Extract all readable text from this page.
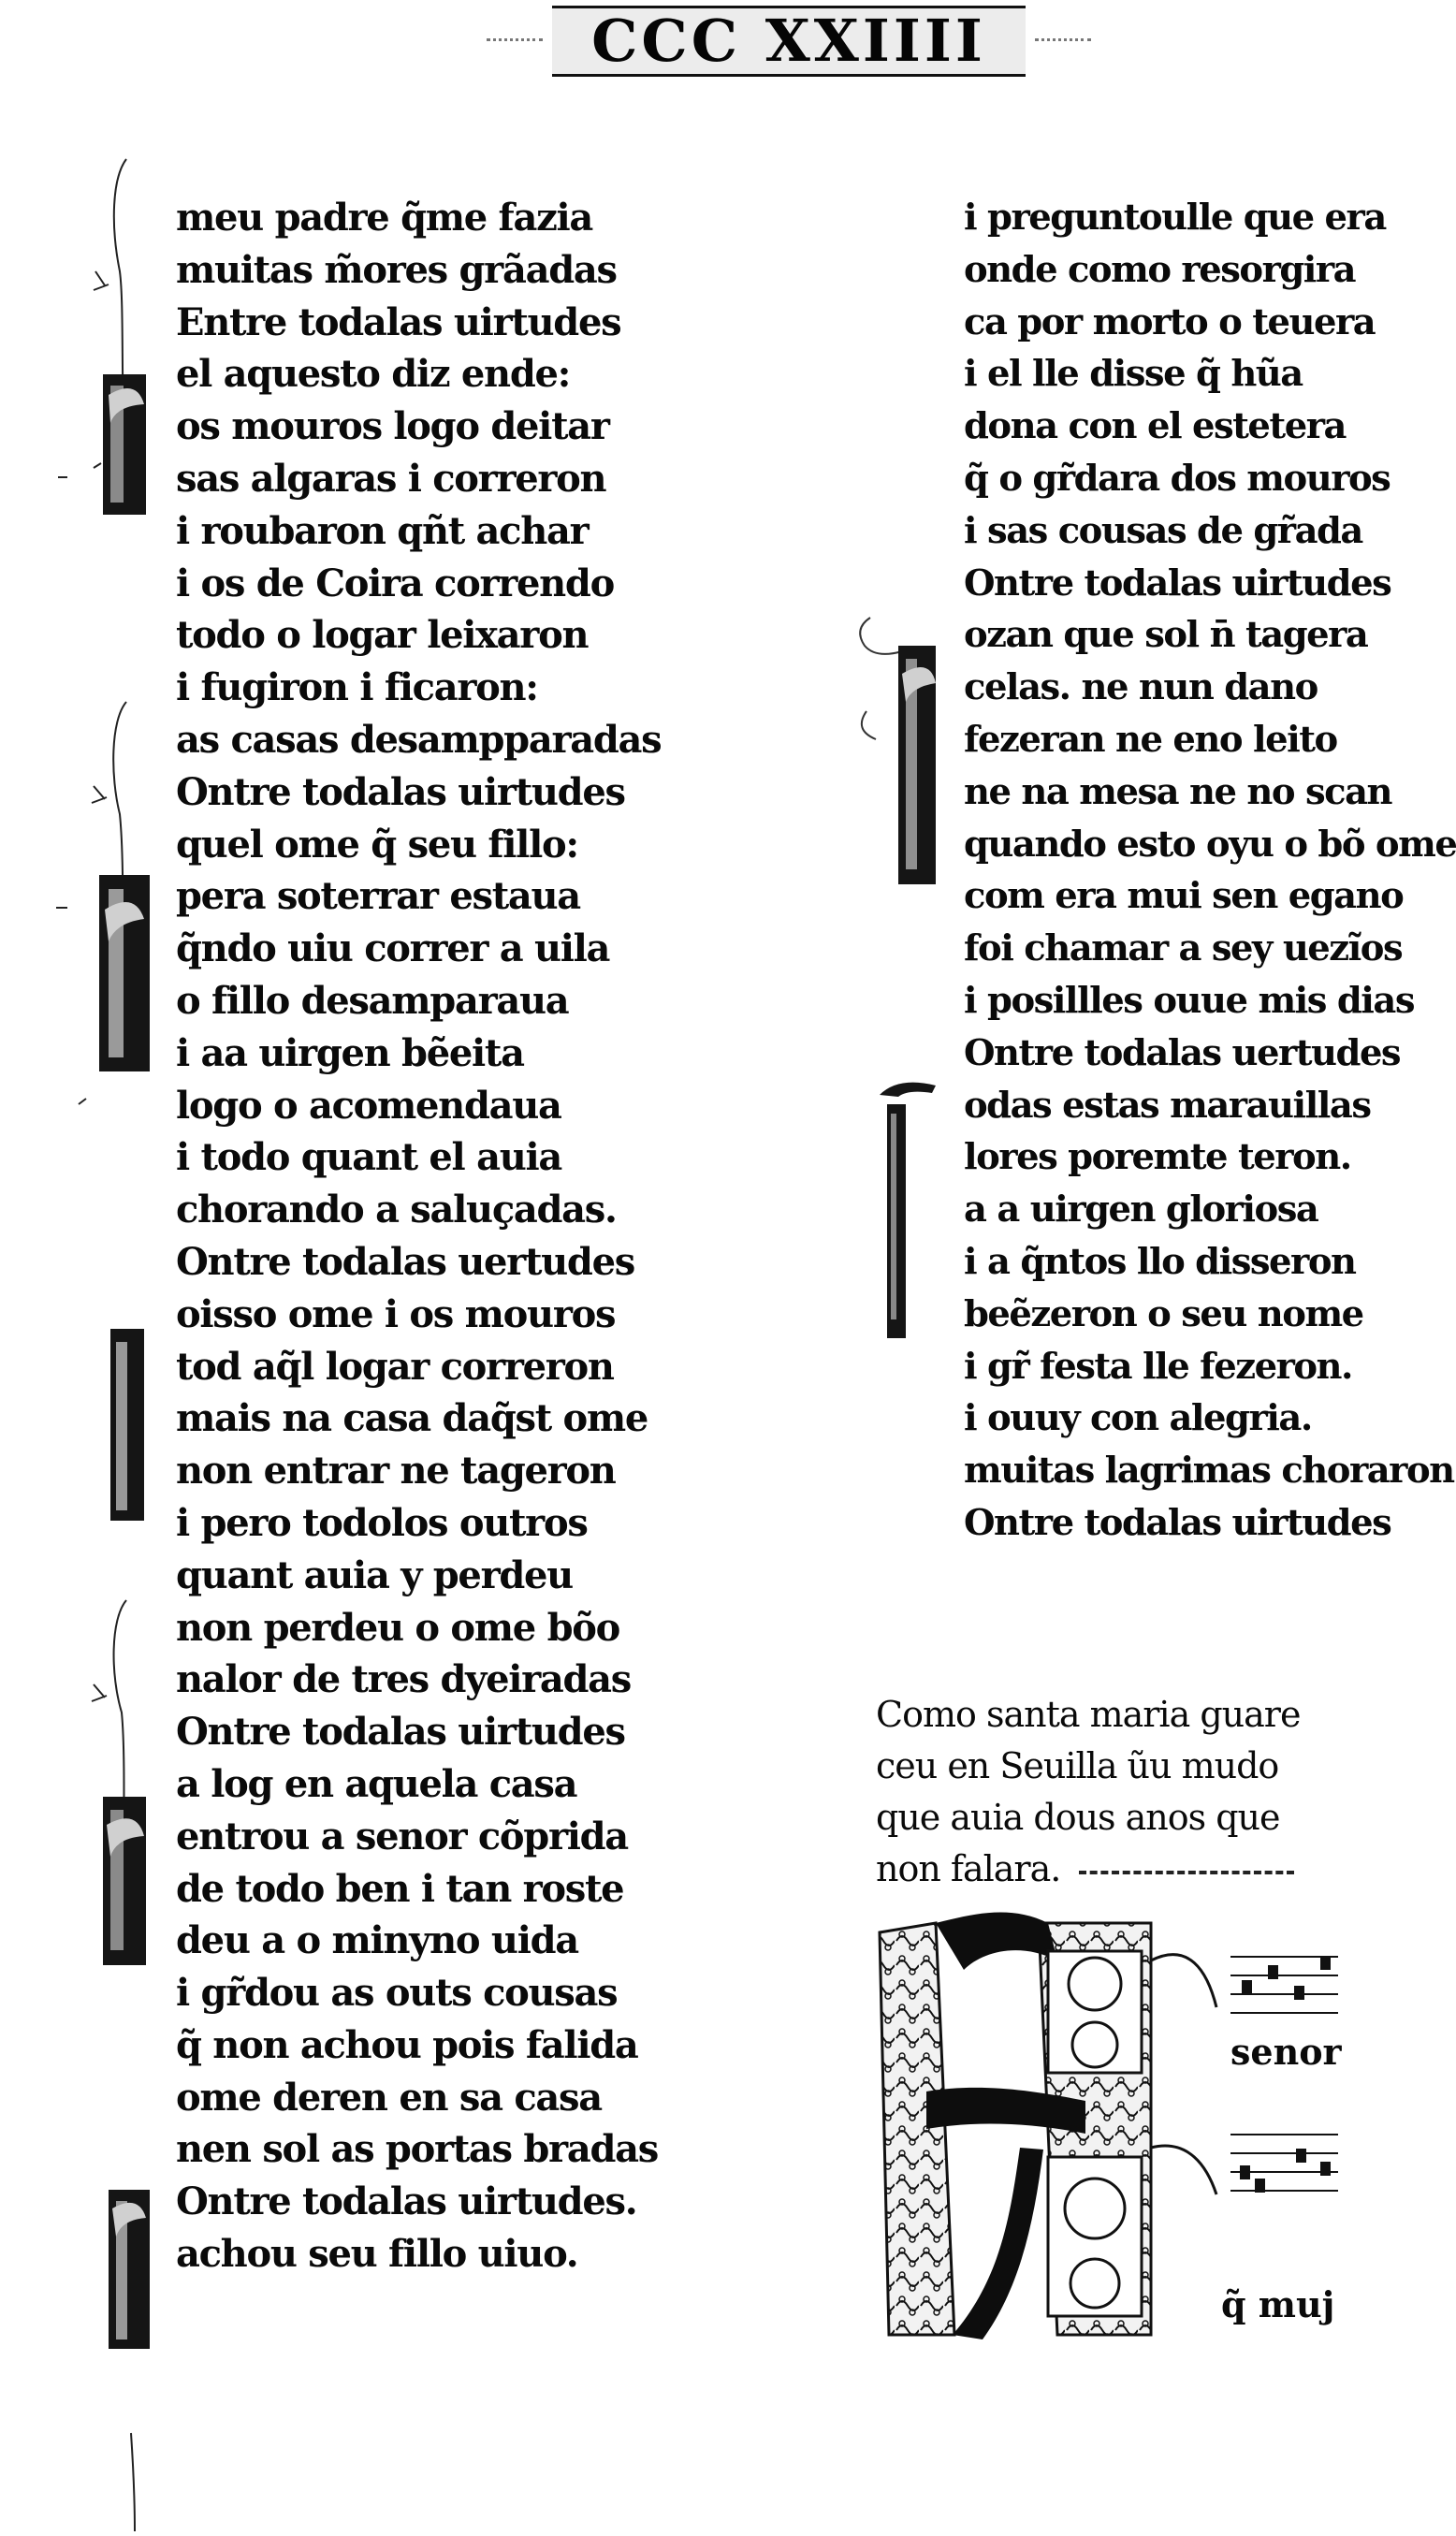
CCC XXIIII
meu padre q̃me fazia
muitas m̃ores grãadas
Entre todalas uirtudes
el aquesto diz ende:
os mouros logo deitar
sas algaras i correron
i roubaron qñt achar
i os de Coira correndo
todo o logar leixaron
i fugiron i ficaron:
as casas desampparadas
Ontre todalas uirtudes
quel ome q̃ seu fillo:
pera soterrar estaua
q̃ndo uiu correr a uila
o fillo desamparaua
i aa uirgen bẽeita
logo o acomendaua
i todo quant el auia
chorando a saluçadas.
Ontre todalas uertudes
oisso ome i os mouros
tod aq̃l logar correron
mais na casa daq̃st ome
non entrar ne tageron
i pero todolos outros
quant auia y perdeu
non perdeu o ome bõo
nalor de tres dyeiradas
Ontre todalas uirtudes
a log en aquela casa
entrou a senor cõprida
de todo ben i tan roste
deu a o minyno uida
i gr̃dou as outs cousas
q̃ non achou pois falida
ome deren en sa casa
nen sol as portas bradas
Ontre todalas uirtudes.
achou seu fillo uiuo.
i preguntoulle que era
onde como resorgira
ca por morto o teuera
i el lle disse q̃ hũa
dona con el estetera
q̃ o gr̃dara dos mouros
i sas cousas de gr̃ada
Ontre todalas uirtudes
ozan que sol n̄ tagera
celas. ne nun dano
fezeran ne eno leito
ne na mesa ne no scan
quando esto oyu o bõ ome
com era mui sen egano
foi chamar a sey uezĩos
i posillles ouue mis dias
Ontre todalas uertudes
odas estas marauillas
lores poremte teron.
a a uirgen gloriosa
i a q̃ntos llo disseron
beẽzeron o seu nome
i gr̃ festa lle fezeron.
i ouuy con alegria.
muitas lagrimas choraron
Ontre todalas uirtudes
Como santa maria guare
ceu en Seuilla ũu mudo
que auia dous anos que
non falara.
senor
q̃ muj
